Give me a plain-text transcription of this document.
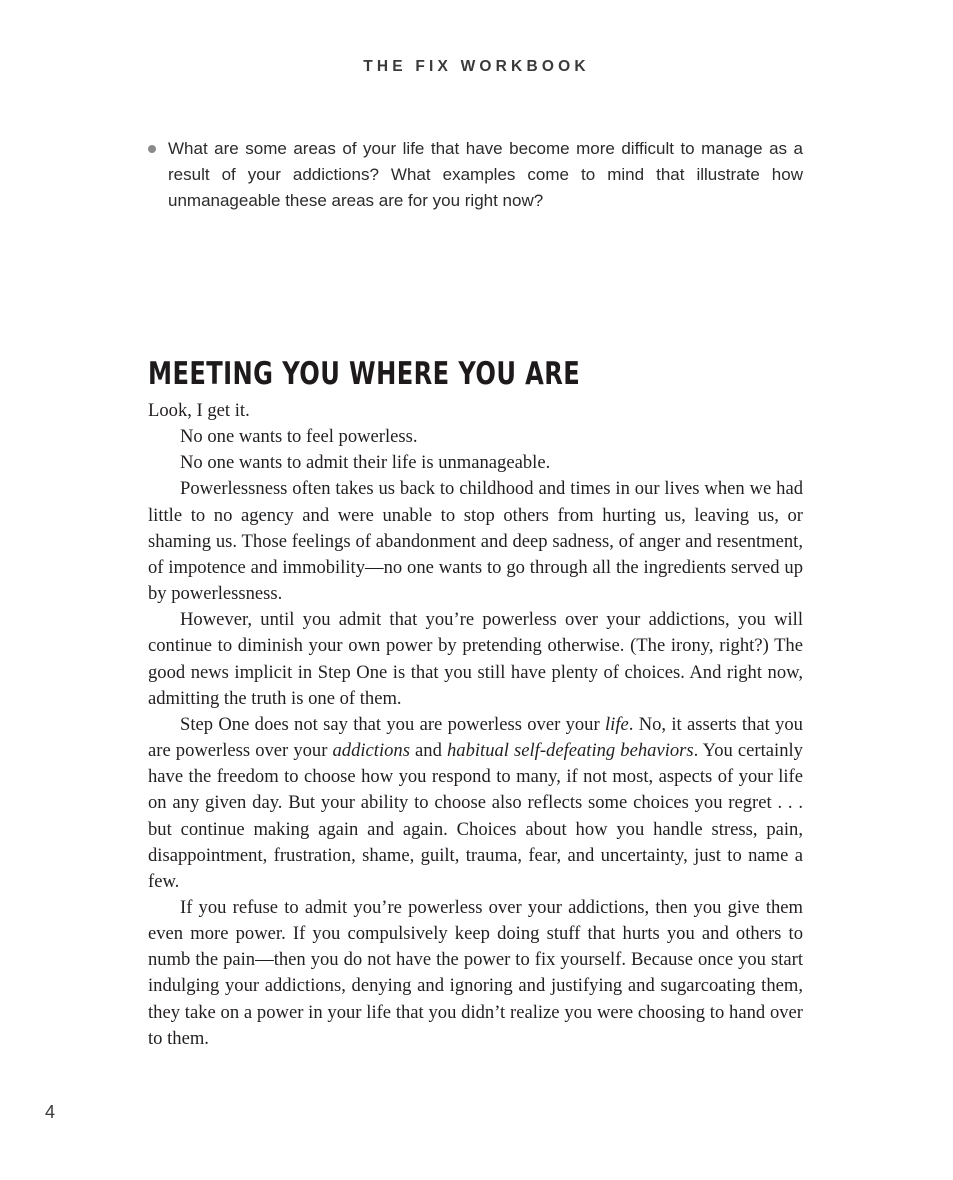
THE FIX WORKBOOK
What are some areas of your life that have become more difficult to manage as a result of your addictions? What examples come to mind that illustrate how unmanageable these areas are for you right now?
MEETING YOU WHERE YOU ARE

Look, I get it.

No one wants to feel powerless.

No one wants to admit their life is unmanageable.

Powerlessness often takes us back to childhood and times in our lives when we had little to no agency and were unable to stop others from hurting us, leaving us, or shaming us. Those feelings of abandonment and deep sadness, of anger and resentment, of impotence and immobility—no one wants to go through all the ingredients served up by powerlessness.

However, until you admit that you’re powerless over your addictions, you will continue to diminish your own power by pretending otherwise. (The irony, right?) The good news implicit in Step One is that you still have plenty of choices. And right now, admitting the truth is one of them.

Step One does not say that you are powerless over your life. No, it asserts that you are powerless over your addictions and habitual self-defeating behaviors. You certainly have the freedom to choose how you respond to many, if not most, aspects of your life on any given day. But your ability to choose also reflects some choices you regret . . . but continue making again and again. Choices about how you handle stress, pain, disappointment, frustration, shame, guilt, trauma, fear, and uncertainty, just to name a few.

If you refuse to admit you’re powerless over your addictions, then you give them even more power. If you compulsively keep doing stuff that hurts you and others to numb the pain—then you do not have the power to fix yourself. Because once you start indulging your addictions, denying and ignoring and justifying and sugarcoating them, they take on a power in your life that you didn’t realize you were choosing to hand over to them.

4
